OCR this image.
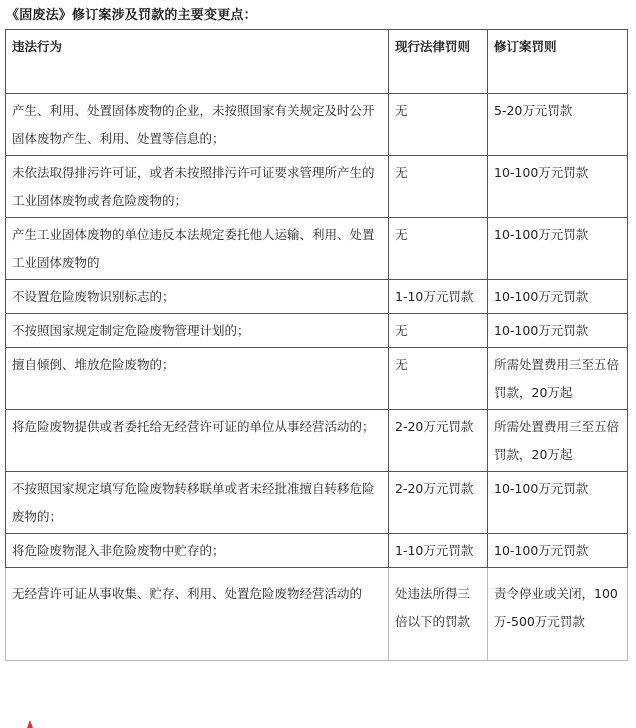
《固废法》修订案涉及罚款的主要变更点：
违法行为	现行法律罚则	修订案罚则
产生、利用、处置固体废物的企业，未按照国家有关规定及时公开固体废物产生、利用、处置等信息的；	无	5-20万元罚款
未依法取得排污许可证，或者未按照排污许可证要求管理所产生的工业固体废物或者危险废物的；	无	10-100万元罚款
产生工业固体废物的单位违反本法规定委托他人运输、利用、处置工业固体废物的	无	10-100万元罚款
不设置危险废物识别标志的；	1-10万元罚款	10-100万元罚款
不按照国家规定制定危险废物管理计划的；	无	10-100万元罚款
擅自倾倒、堆放危险废物的；	无	所需处置费用三至五倍罚款，20万起
将危险废物提供或者委托给无经营许可证的单位从事经营活动的；	2-20万元罚款	所需处置费用三至五倍罚款，20万起
不按照国家规定填写危险废物转移联单或者未经批准擅自转移危险废物的；	2-20万元罚款	10-100万元罚款
将危险废物混入非危险废物中贮存的；	1-10万元罚款	10-100万元罚款
无经营许可证从事收集、贮存、利用、处置危险废物经营活动的	处违法所得三倍以下的罚款	责令停业或关闭，100万-500万元罚款
